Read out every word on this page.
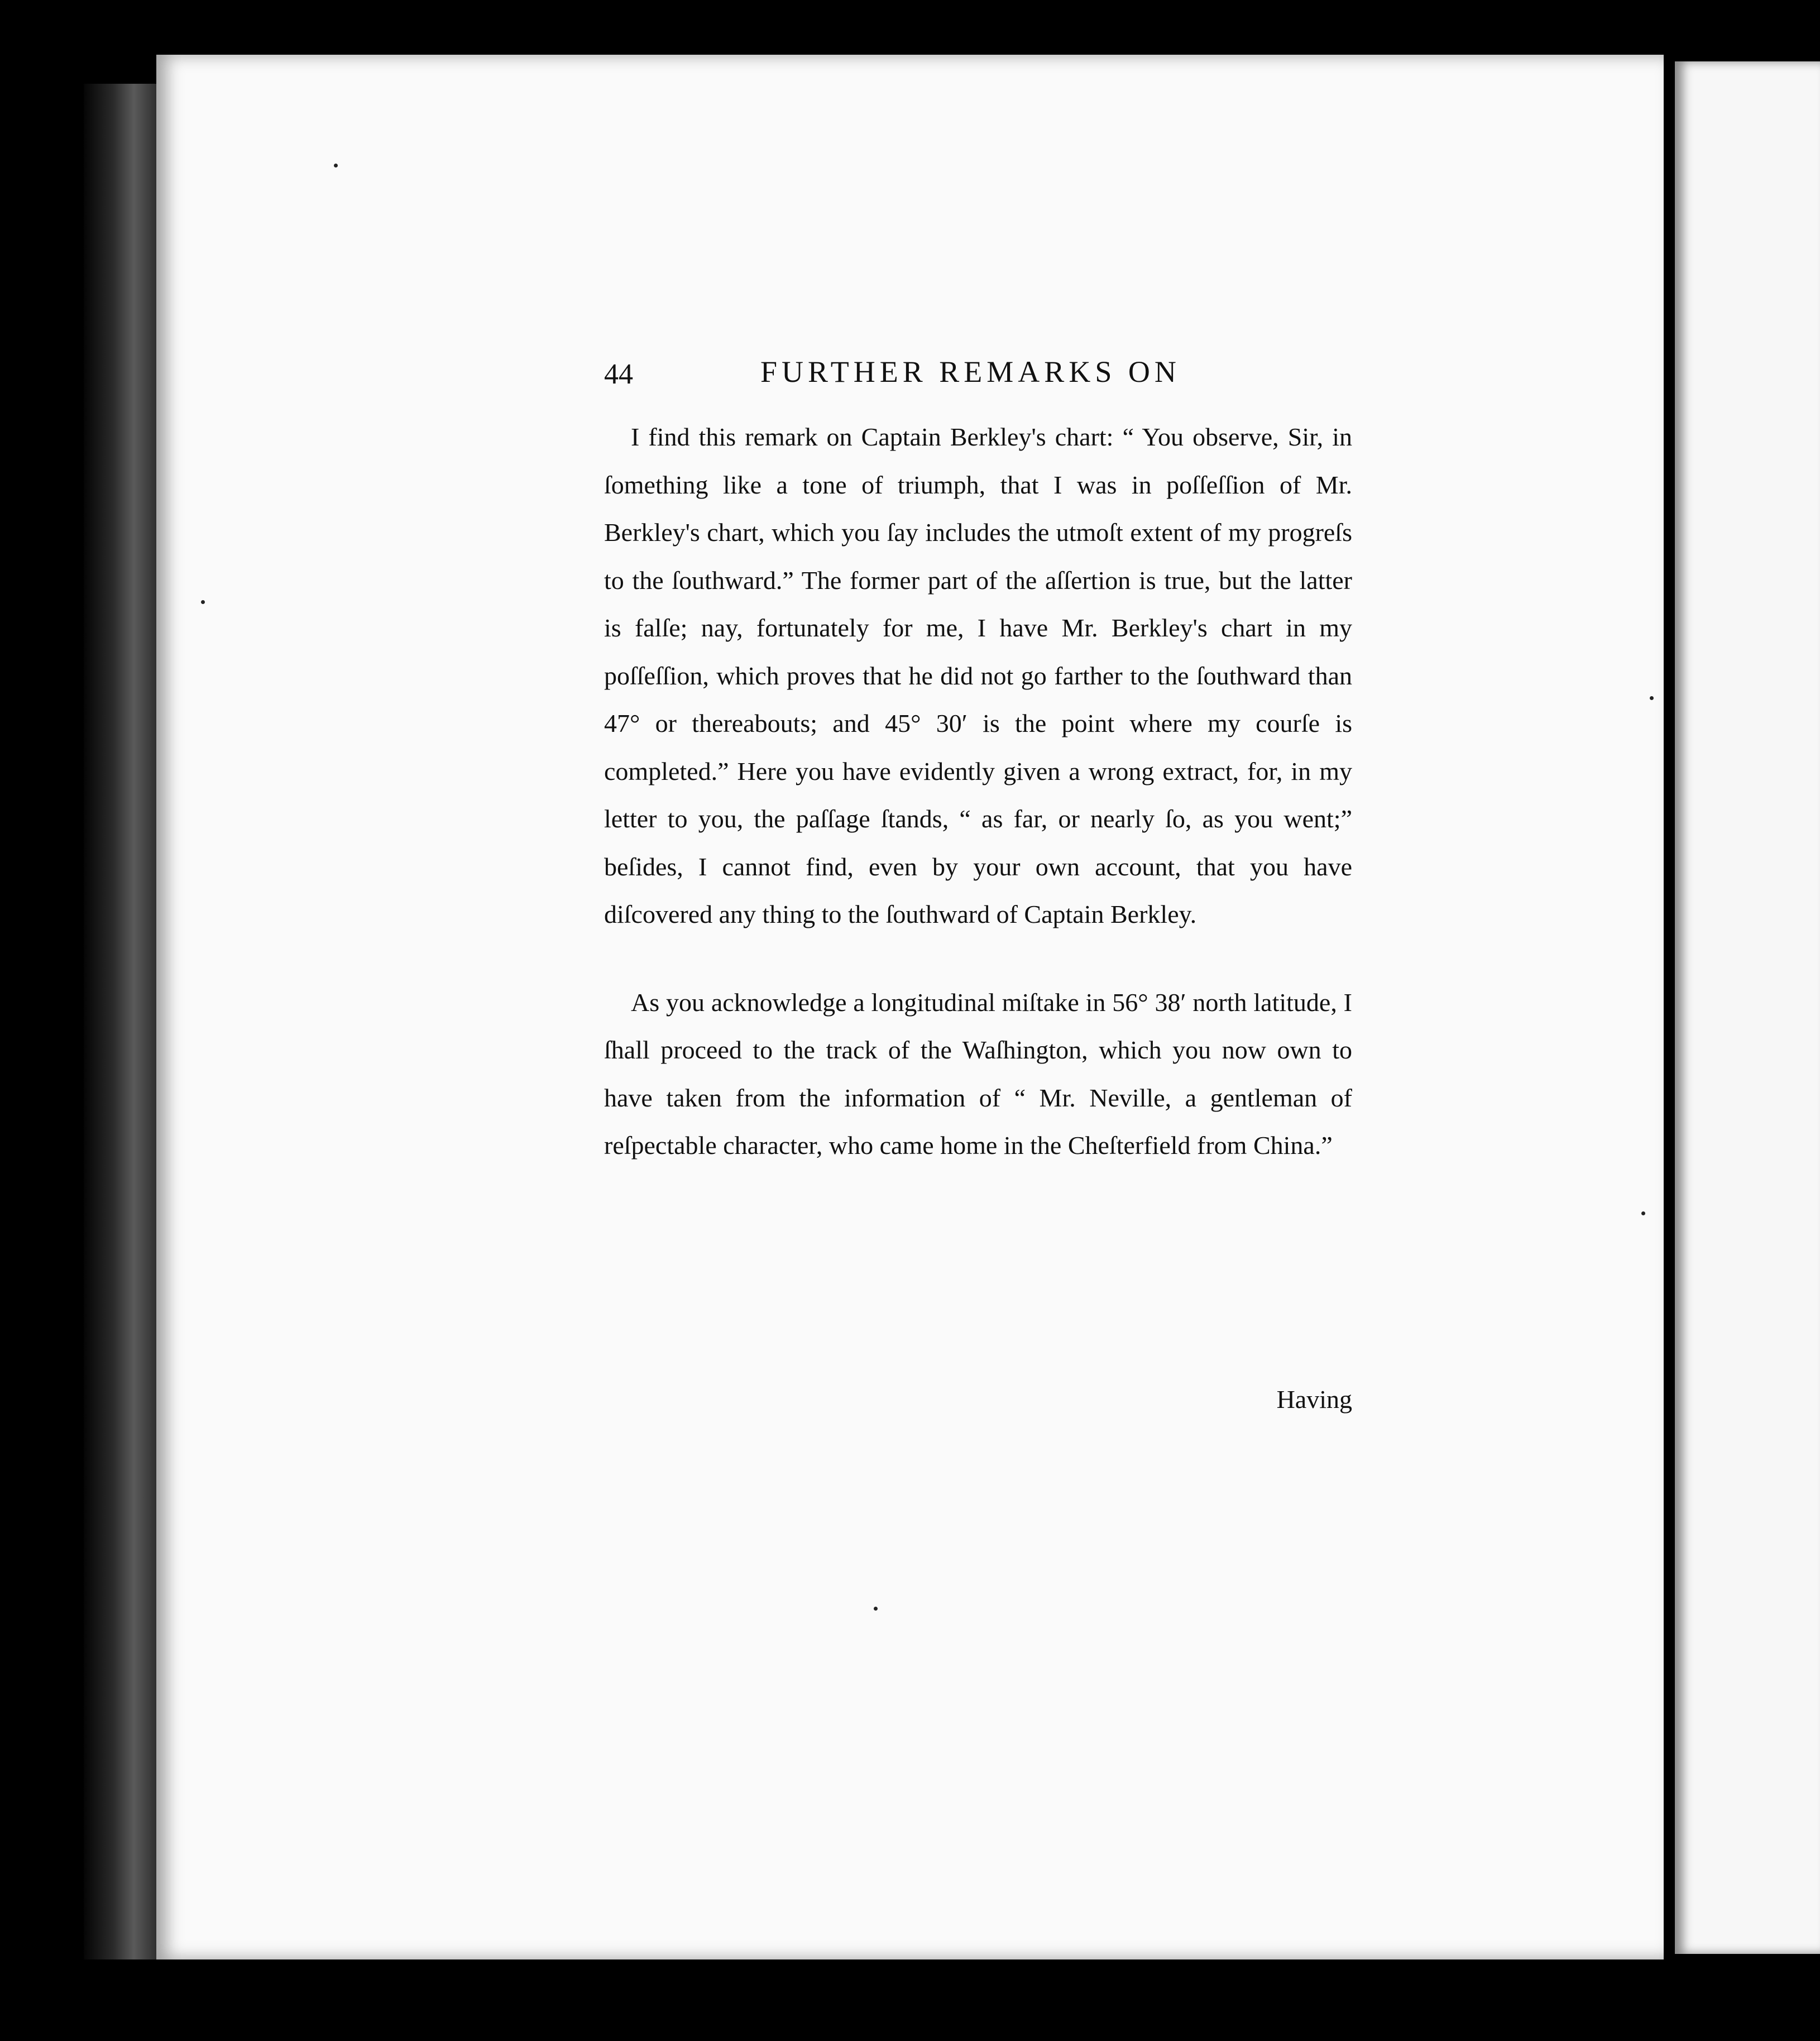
44	FURTHER REMARKS ON

I find this remark on Captain Berkley's chart: “ You observe, Sir, in ſomething like a tone of triumph, that I was in poſſeſſion of Mr. Berkley's chart, which you ſay includes the utmoſt extent of my progreſs to the ſouthward.” The former part of the aſſertion is true, but the latter is falſe; nay, fortunately for me, I have Mr. Berkley's chart in my poſſeſſion, which proves that he did not go farther to the ſouthward than 47° or thereabouts; and 45° 30′ is the point where my courſe is completed.” Here you have evidently given a wrong extract, for, in my letter to you, the paſſage ſtands, “ as far, or nearly ſo, as you went;” beſides, I cannot find, even by your own account, that you have diſcovered any thing to the ſouthward of Captain Berkley.

As you acknowledge a longitudinal miſtake in 56° 38′ north latitude, I ſhall proceed to the track of the Waſhington, which you now own to have taken from the information of “ Mr. Neville, a gentleman of reſpectable character, who came home in the Cheſterfield from China.”

Having
